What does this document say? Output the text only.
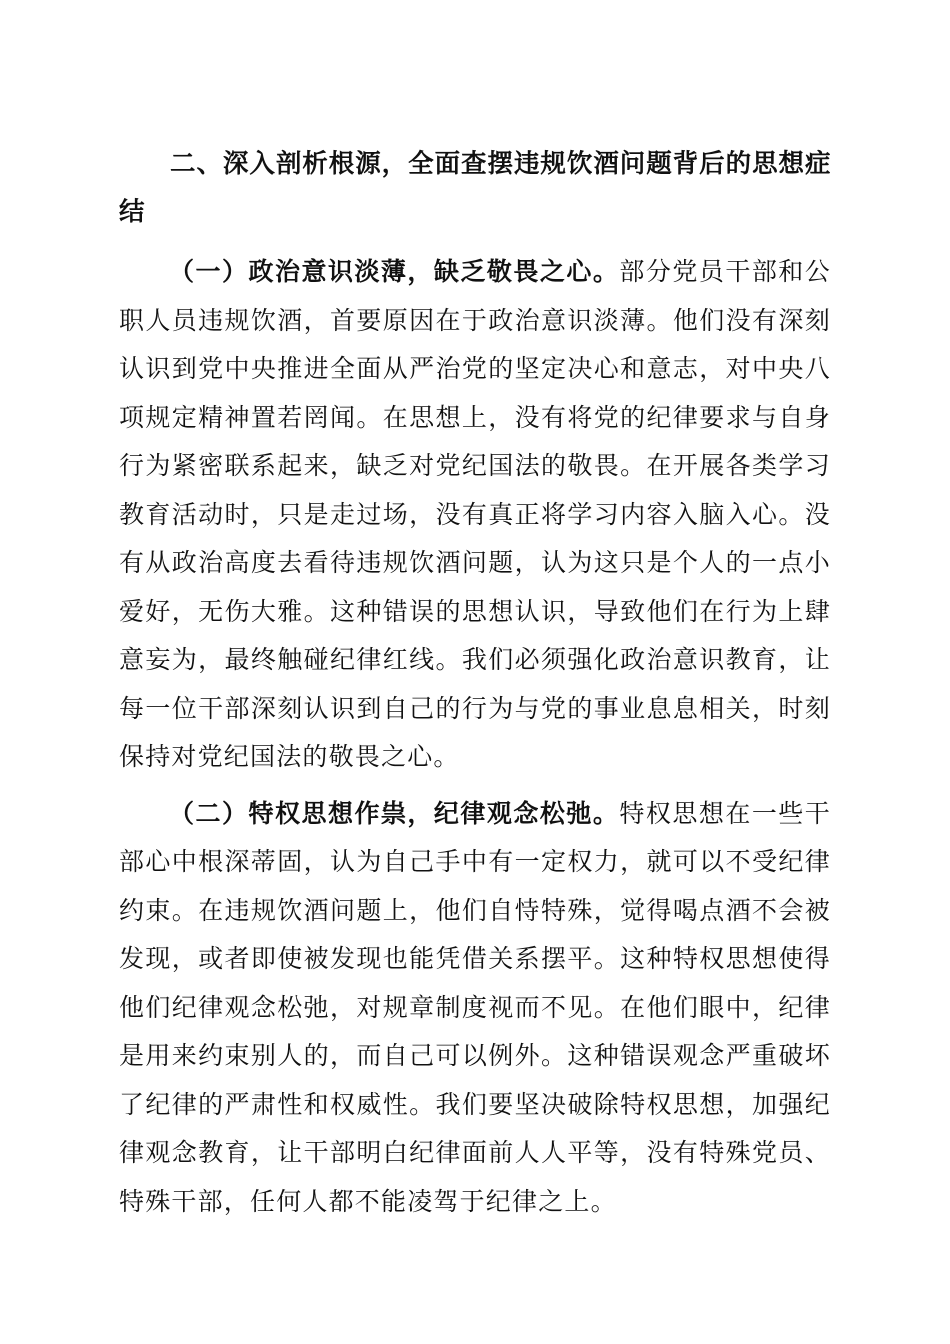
二、深入剖析根源，全面查摆违规饮酒问题背后的思想症结

（一）政治意识淡薄，缺乏敬畏之心。部分党员干部和公职人员违规饮酒，首要原因在于政治意识淡薄。他们没有深刻认识到党中央推进全面从严治党的坚定决心和意志，对中央八项规定精神置若罔闻。在思想上，没有将党的纪律要求与自身行为紧密联系起来，缺乏对党纪国法的敬畏。在开展各类学习教育活动时，只是走过场，没有真正将学习内容入脑入心。没有从政治高度去看待违规饮酒问题，认为这只是个人的一点小爱好，无伤大雅。这种错误的思想认识，导致他们在行为上肆意妄为，最终触碰纪律红线。我们必须强化政治意识教育，让每一位干部深刻认识到自己的行为与党的事业息息相关，时刻保持对党纪国法的敬畏之心。

（二）特权思想作祟，纪律观念松弛。特权思想在一些干部心中根深蒂固，认为自己手中有一定权力，就可以不受纪律约束。在违规饮酒问题上，他们自恃特殊，觉得喝点酒不会被发现，或者即使被发现也能凭借关系摆平。这种特权思想使得他们纪律观念松弛，对规章制度视而不见。在他们眼中，纪律是用来约束别人的，而自己可以例外。这种错误观念严重破坏了纪律的严肃性和权威性。我们要坚决破除特权思想，加强纪律观念教育，让干部明白纪律面前人人平等，没有特殊党员、特殊干部，任何人都不能凌驾于纪律之上。
